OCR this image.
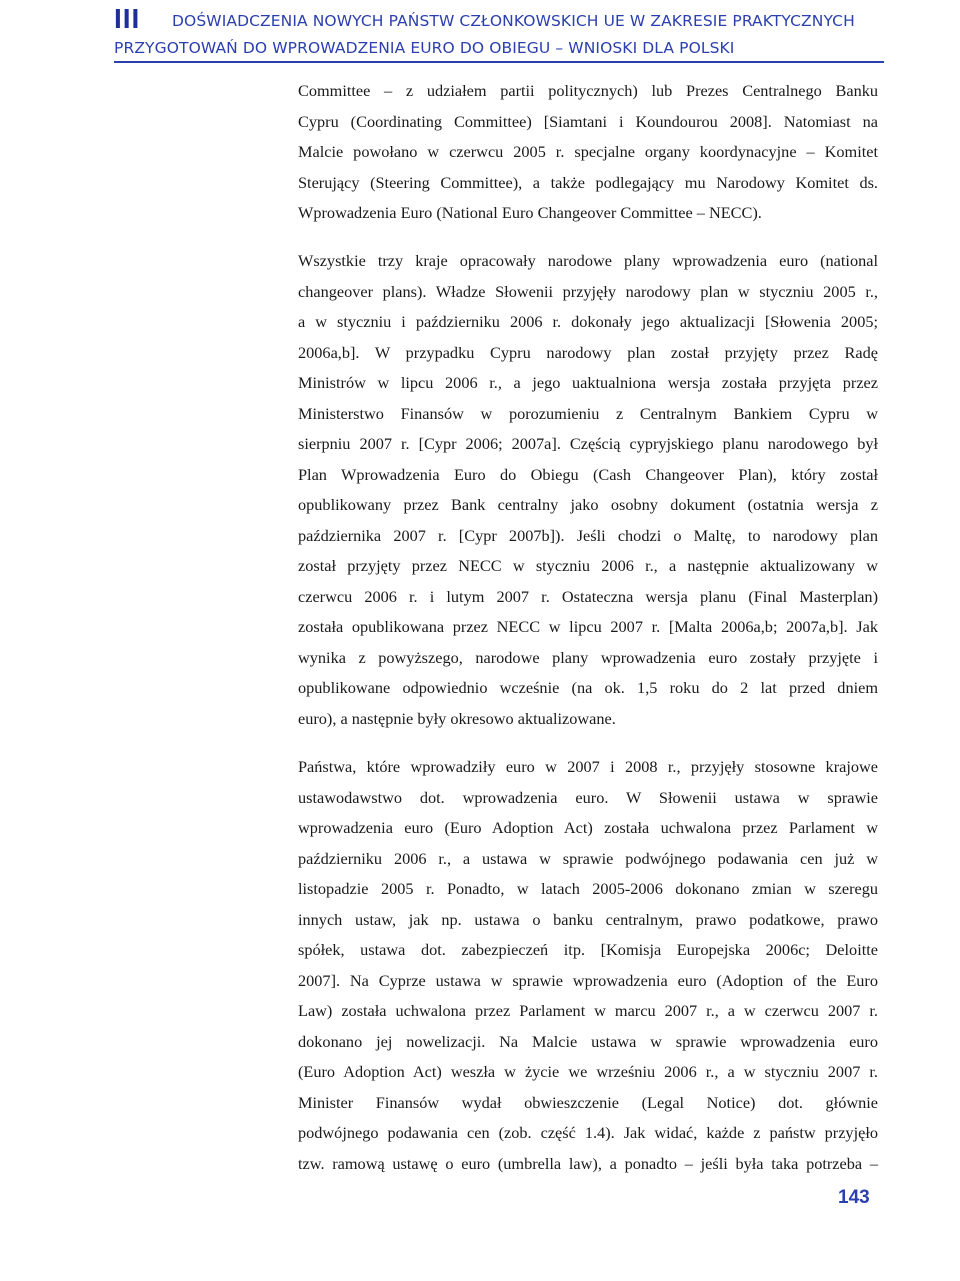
III DOŚWIADCZENIA NOWYCH PAŃSTW CZŁONKOWSKICH UE W ZAKRESIE PRAKTYCZNYCH
PRZYGOTOWAŃ DO WPROWADZENIA EURO DO OBIEGU – WNIOSKI DLA POLSKI
Committee – z udziałem partii politycznych) lub Prezes Centralnego Banku
Cypru (Coordinating Committee) [Siamtani i Koundourou 2008]. Natomiast na
Malcie powołano w czerwcu 2005 r. specjalne organy koordynacyjne – Komitet
Sterujący (Steering Committee), a także podlegający mu Narodowy Komitet ds.
Wprowadzenia Euro (National Euro Changeover Committee – NECC).
Wszystkie trzy kraje opracowały narodowe plany wprowadzenia euro (national
changeover plans). Władze Słowenii przyjęły narodowy plan w styczniu 2005 r.,
a w styczniu i październiku 2006 r. dokonały jego aktualizacji [Słowenia 2005;
2006a,b]. W przypadku Cypru narodowy plan został przyjęty przez Radę
Ministrów w lipcu 2006 r., a jego uaktualniona wersja została przyjęta przez
Ministerstwo Finansów w porozumieniu z Centralnym Bankiem Cypru w
sierpniu 2007 r. [Cypr 2006; 2007a]. Częścią cypryjskiego planu narodowego był
Plan Wprowadzenia Euro do Obiegu (Cash Changeover Plan), który został
opublikowany przez Bank centralny jako osobny dokument (ostatnia wersja z
października 2007 r. [Cypr 2007b]). Jeśli chodzi o Maltę, to narodowy plan
został przyjęty przez NECC w styczniu 2006 r., a następnie aktualizowany w
czerwcu 2006 r. i lutym 2007 r. Ostateczna wersja planu (Final Masterplan)
została opublikowana przez NECC w lipcu 2007 r. [Malta 2006a,b; 2007a,b]. Jak
wynika z powyższego, narodowe plany wprowadzenia euro zostały przyjęte i
opublikowane odpowiednio wcześnie (na ok. 1,5 roku do 2 lat przed dniem
euro), a następnie były okresowo aktualizowane.
Państwa, które wprowadziły euro w 2007 i 2008 r., przyjęły stosowne krajowe
ustawodawstwo dot. wprowadzenia euro. W Słowenii ustawa w sprawie
wprowadzenia euro (Euro Adoption Act) została uchwalona przez Parlament w
październiku 2006 r., a ustawa w sprawie podwójnego podawania cen już w
listopadzie 2005 r. Ponadto, w latach 2005-2006 dokonano zmian w szeregu
innych ustaw, jak np. ustawa o banku centralnym, prawo podatkowe, prawo
spółek, ustawa dot. zabezpieczeń itp. [Komisja Europejska 2006c; Deloitte
2007]. Na Cyprze ustawa w sprawie wprowadzenia euro (Adoption of the Euro
Law) została uchwalona przez Parlament w marcu 2007 r., a w czerwcu 2007 r.
dokonano jej nowelizacji. Na Malcie ustawa w sprawie wprowadzenia euro
(Euro Adoption Act) weszła w życie we wrześniu 2006 r., a w styczniu 2007 r.
Minister Finansów wydał obwieszczenie (Legal Notice) dot. głównie
podwójnego podawania cen (zob. część 1.4). Jak widać, każde z państw przyjęło
tzw. ramową ustawę o euro (umbrella law), a ponadto – jeśli była taka potrzeba –
143
